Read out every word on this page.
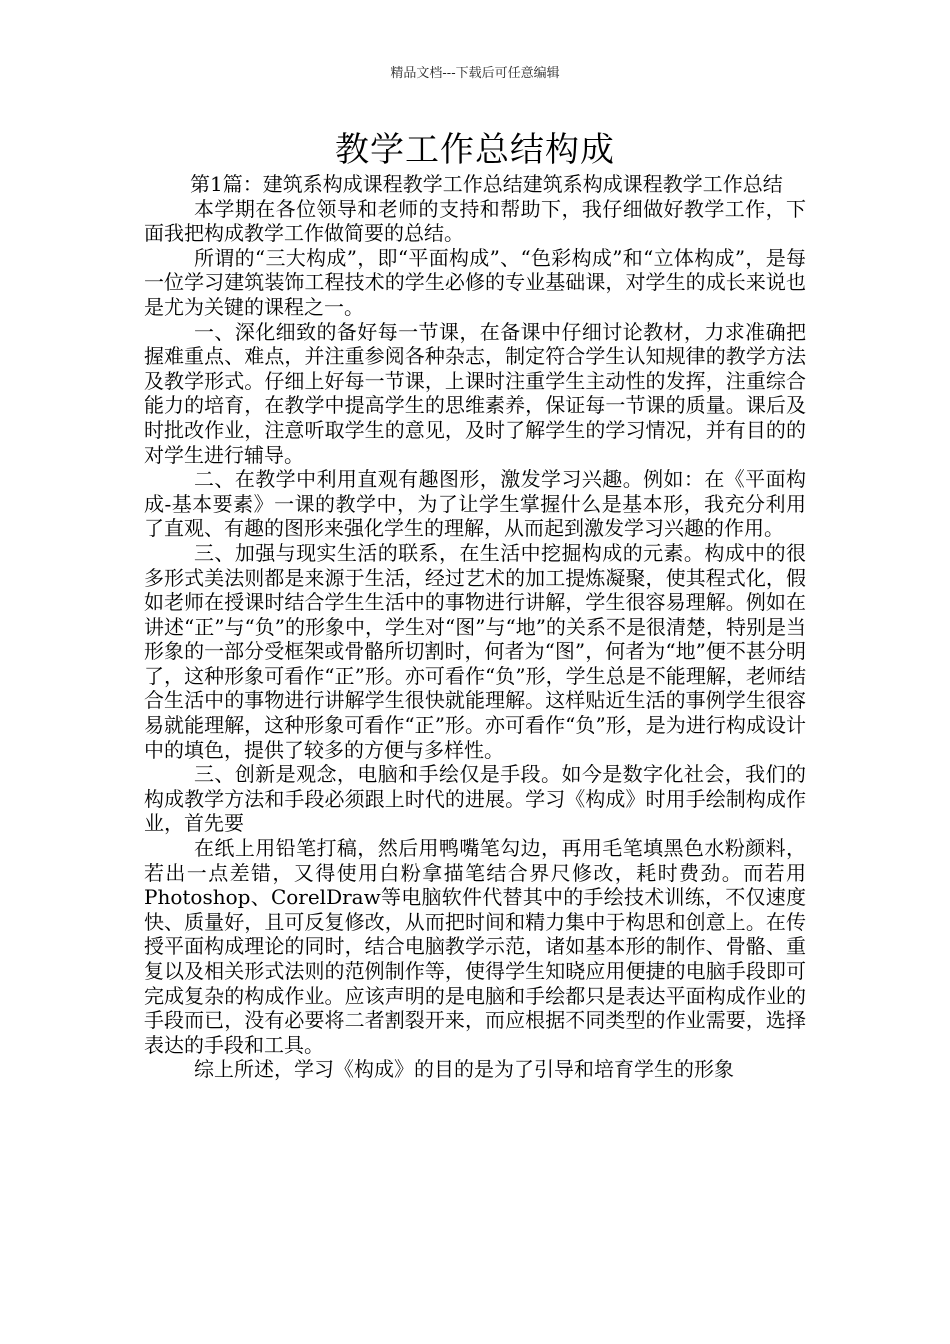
精品文档---下载后可任意编辑
教学工作总结构成

第1篇：建筑系构成课程教学工作总结建筑系构成课程教学工作总结

本学期在各位领导和老师的支持和帮助下，我仔细做好教学工作，下面我把构成教学工作做简要的总结。

所谓的“三大构成”，即“平面构成”、“色彩构成”和“立体构成”，是每一位学习建筑装饰工程技术的学生必修的专业基础课，对学生的成长来说也是尤为关键的课程之一。

一、深化细致的备好每一节课，在备课中仔细讨论教材，力求准确把握难重点、难点，并注重参阅各种杂志，制定符合学生认知规律的教学方法及教学形式。仔细上好每一节课，上课时注重学生主动性的发挥，注重综合能力的培育，在教学中提高学生的思维素养，保证每一节课的质量。课后及时批改作业，注意听取学生的意见，及时了解学生的学习情况，并有目的的对学生进行辅导。

二、在教学中利用直观有趣图形，激发学习兴趣。例如：在《平面构成-基本要素》一课的教学中，为了让学生掌握什么是基本形，我充分利用了直观、有趣的图形来强化学生的理解，从而起到激发学习兴趣的作用。

三、加强与现实生活的联系，在生活中挖掘构成的元素。构成中的很多形式美法则都是来源于生活，经过艺术的加工提炼凝聚，使其程式化，假如老师在授课时结合学生生活中的事物进行讲解，学生很容易理解。例如在讲述“正”与“负”的形象中，学生对“图”与“地”的关系不是很清楚，特别是当形象的一部分受框架或骨骼所切割时，何者为“图”，何者为“地”便不甚分明了，这种形象可看作“正”形。亦可看作“负”形，学生总是不能理解，老师结合生活中的事物进行讲解学生很快就能理解。这样贴近生活的事例学生很容易就能理解，这种形象可看作“正”形。亦可看作“负”形，是为进行构成设计中的填色，提供了较多的方便与多样性。

三、创新是观念，电脑和手绘仅是手段。如今是数字化社会，我们的构成教学方法和手段必须跟上时代的进展。学习《构成》时用手绘制构成作业，首先要

在纸上用铅笔打稿，然后用鸭嘴笔勾边，再用毛笔填黑色水粉颜料，若出一点差错，又得使用白粉拿描笔结合界尺修改，耗时费劲。而若用Photoshop、CorelDraw等电脑软件代替其中的手绘技术训练，不仅速度快、质量好，且可反复修改，从而把时间和精力集中于构思和创意上。在传授平面构成理论的同时，结合电脑教学示范，诸如基本形的制作、骨骼、重复以及相关形式法则的范例制作等，使得学生知晓应用便捷的电脑手段即可完成复杂的构成作业。应该声明的是电脑和手绘都只是表达平面构成作业的手段而已，没有必要将二者割裂开来，而应根据不同类型的作业需要，选择表达的手段和工具。

综上所述，学习《构成》的目的是为了引导和培育学生的形象
